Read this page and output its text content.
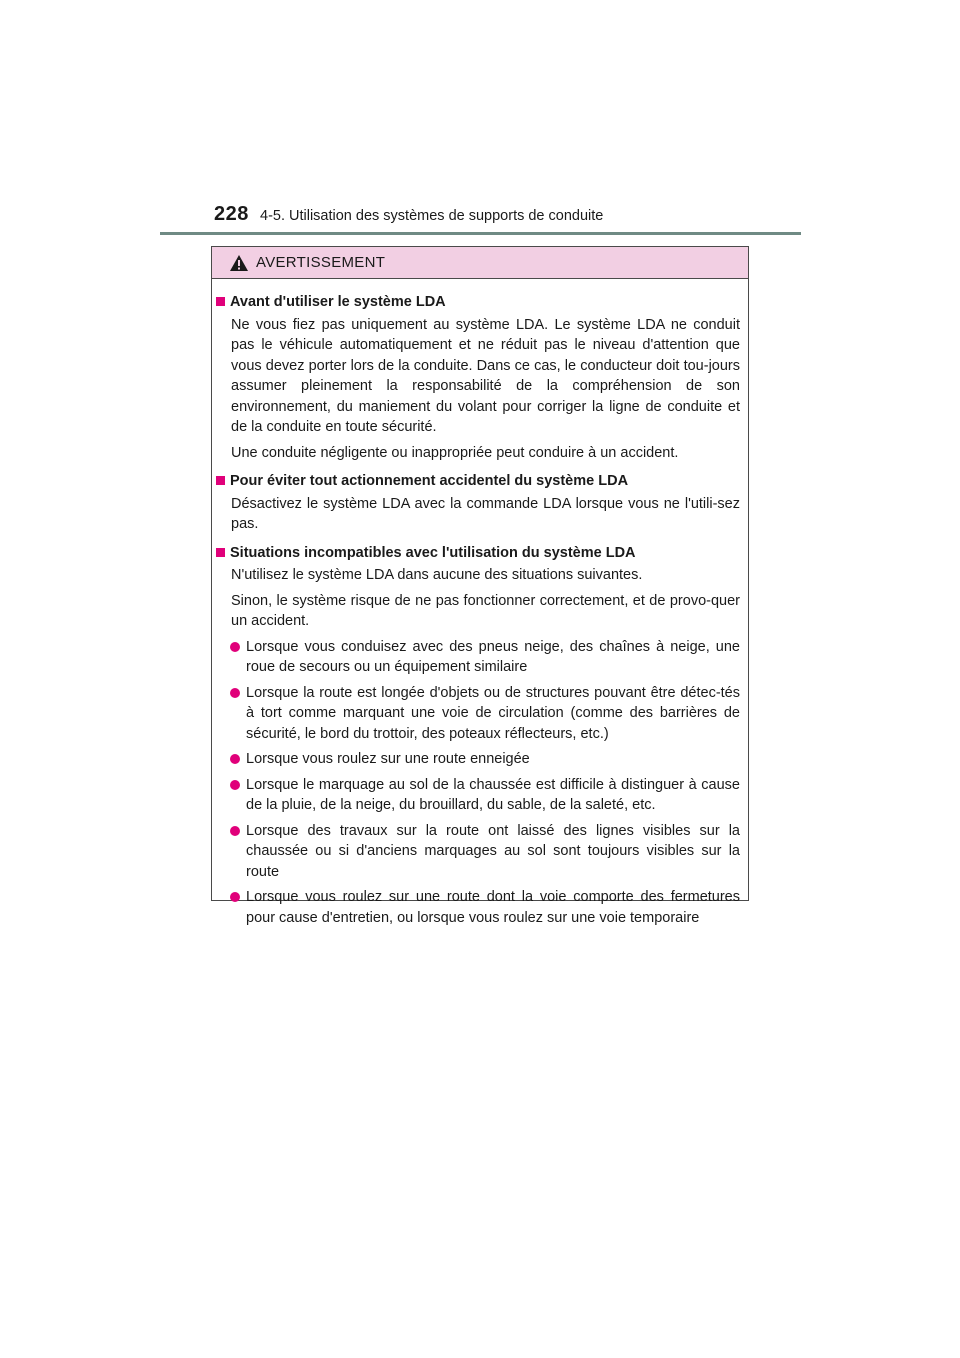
228 4-5. Utilisation des systèmes de supports de conduite
AVERTISSEMENT
Avant d'utiliser le système LDA
Ne vous fiez pas uniquement au système LDA. Le système LDA ne conduit pas le véhicule automatiquement et ne réduit pas le niveau d'attention que vous devez porter lors de la conduite. Dans ce cas, le conducteur doit tou-jours assumer pleinement la responsabilité de la compréhension de son environnement, du maniement du volant pour corriger la ligne de conduite et de la conduite en toute sécurité.
Une conduite négligente ou inappropriée peut conduire à un accident.
Pour éviter tout actionnement accidentel du système LDA
Désactivez le système LDA avec la commande LDA lorsque vous ne l'utili-sez pas.
Situations incompatibles avec l'utilisation du système LDA
N'utilisez le système LDA dans aucune des situations suivantes.
Sinon, le système risque de ne pas fonctionner correctement, et de provo-quer un accident.
Lorsque vous conduisez avec des pneus neige, des chaînes à neige, une roue de secours ou un équipement similaire
Lorsque la route est longée d'objets ou de structures pouvant être détec-tés à tort comme marquant une voie de circulation (comme des barrières de sécurité, le bord du trottoir, des poteaux réflecteurs, etc.)
Lorsque vous roulez sur une route enneigée
Lorsque le marquage au sol de la chaussée est difficile à distinguer à cause de la pluie, de la neige, du brouillard, du sable, de la saleté, etc.
Lorsque des travaux sur la route ont laissé des lignes visibles sur la chaussée ou si d'anciens marquages au sol sont toujours visibles sur la route
Lorsque vous roulez sur une route dont la voie comporte des fermetures pour cause d'entretien, ou lorsque vous roulez sur une voie temporaire
